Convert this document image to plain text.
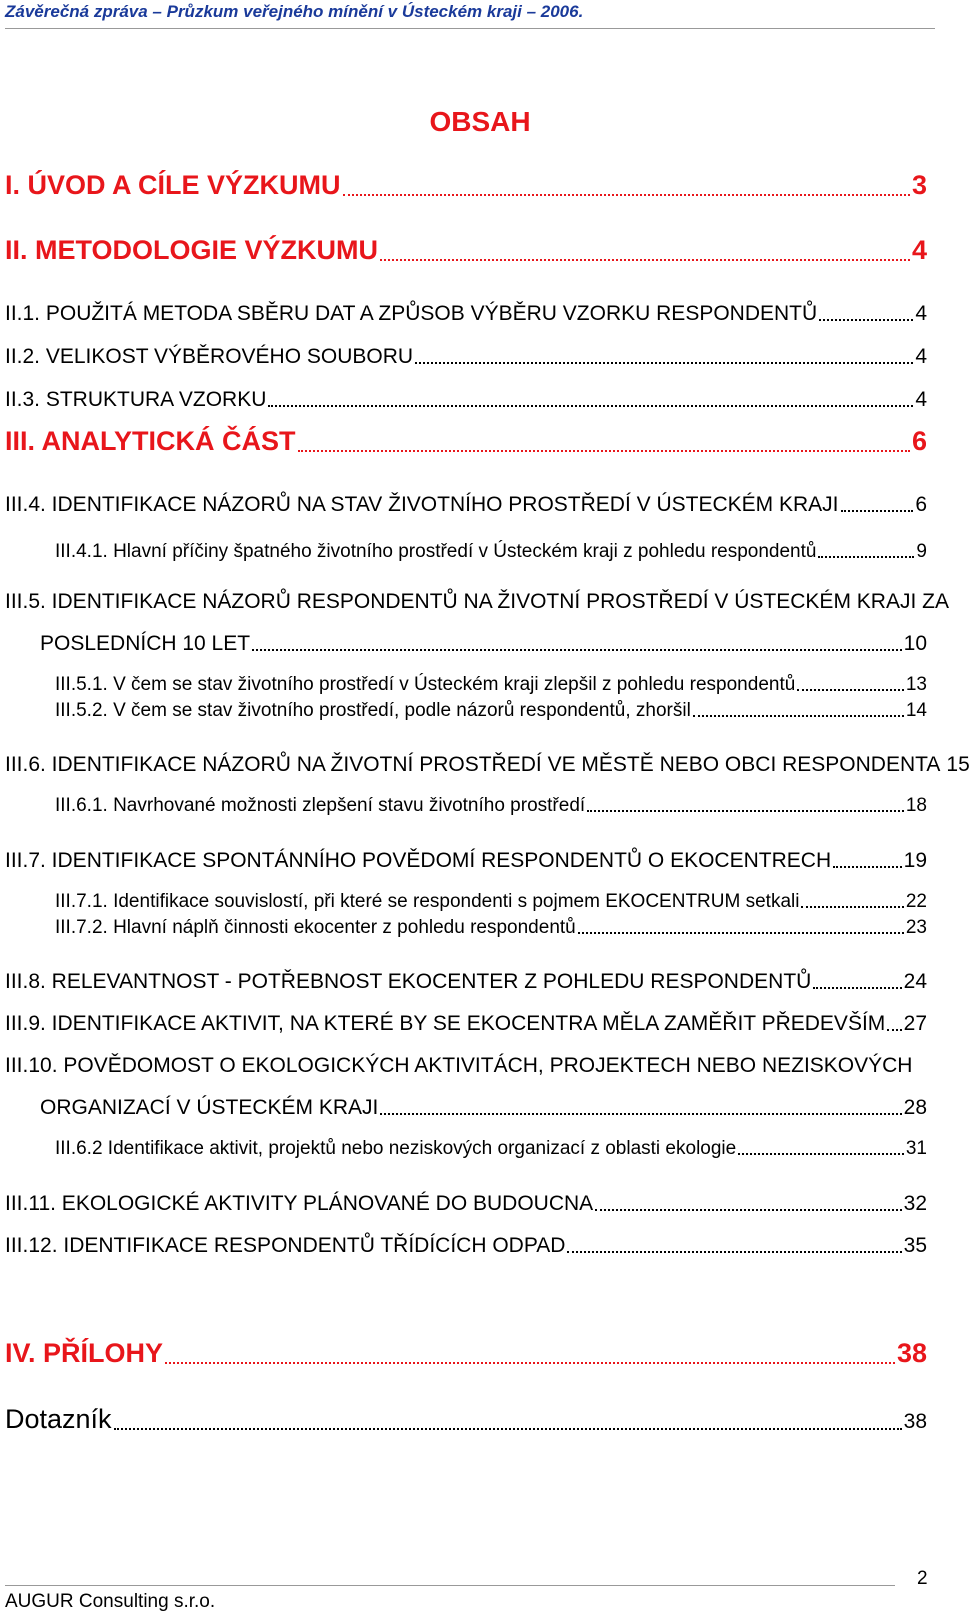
Závěrečná zpráva – Průzkum veřejného mínění v Ústeckém kraji – 2006.
OBSAH
I. ÚVOD A CÍLE VÝZKUMU	3
II. METODOLOGIE VÝZKUMU	4
II.1. POUŽITÁ METODA SBĚRU DAT A ZPŮSOB VÝBĚRU VZORKU RESPONDENTŮ	4
II.2. VELIKOST VÝBĚROVÉHO SOUBORU	4
II.3. STRUKTURA VZORKU	4
III. ANALYTICKÁ ČÁST	6
III.4. IDENTIFIKACE NÁZORŮ NA STAV ŽIVOTNÍHO PROSTŘEDÍ V ÚSTECKÉM KRAJI	6
III.4.1. Hlavní příčiny špatného životního prostředí v Ústeckém kraji z pohledu respondentů	9
III.5. IDENTIFIKACE NÁZORŮ RESPONDENTŮ NA ŽIVOTNÍ PROSTŘEDÍ V ÚSTECKÉM KRAJI ZA
POSLEDNÍCH 10 LET	10
III.5.1. V čem se stav životního prostředí v Ústeckém kraji zlepšil z pohledu respondentů	13
III.5.2. V čem se stav životního prostředí, podle názorů respondentů, zhoršil	14
III.6. IDENTIFIKACE NÁZORŮ NA ŽIVOTNÍ PROSTŘEDÍ VE MĚSTĚ NEBO OBCI RESPONDENTA 15
III.6.1. Navrhované možnosti zlepšení stavu životního prostředí	18
III.7. IDENTIFIKACE SPONTÁNNÍHO POVĚDOMÍ RESPONDENTŮ O EKOCENTRECH	19
III.7.1. Identifikace souvislostí, při které se respondenti s pojmem EKOCENTRUM setkali	22
III.7.2. Hlavní náplň činnosti ekocenter z pohledu respondentů	23
III.8. RELEVANTNOST - POTŘEBNOST EKOCENTER Z POHLEDU RESPONDENTŮ	24
III.9. IDENTIFIKACE AKTIVIT, NA KTERÉ BY SE EKOCENTRA MĚLA ZAMĚŘIT PŘEDEVŠÍM 27
III.10. POVĚDOMOST O EKOLOGICKÝCH AKTIVITÁCH, PROJEKTECH NEBO NEZISKOVÝCH
ORGANIZACÍ V ÚSTECKÉM KRAJI	28
III.6.2 Identifikace aktivit, projektů nebo neziskových organizací z oblasti ekologie	31
III.11. EKOLOGICKÉ AKTIVITY PLÁNOVANÉ DO BUDOUCNA	32
III.12. IDENTIFIKACE RESPONDENTŮ TŘÍDÍCÍCH ODPAD	35
IV. PŘÍLOHY	38
Dotazník	38
AUGUR Consulting s.r.o.
2
